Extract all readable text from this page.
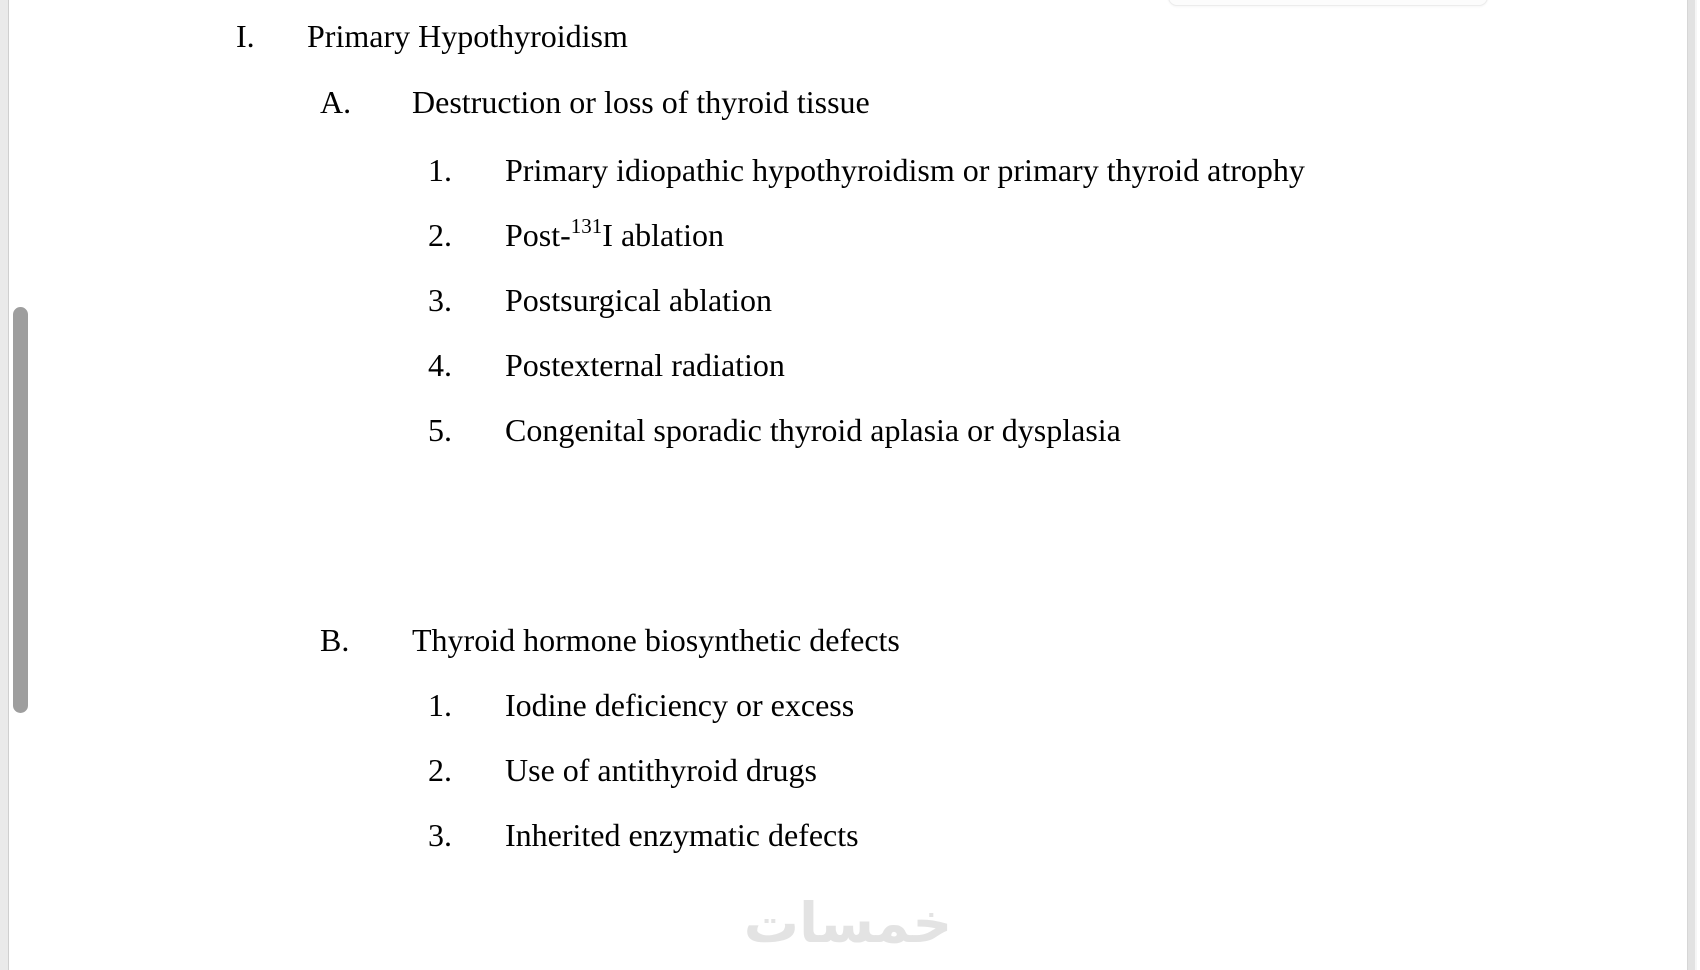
I. Primary Hypothyroidism
A. Destruction or loss of thyroid tissue
1. Primary idiopathic hypothyroidism or primary thyroid atrophy
2. Post-$^{131}$I ablation
3. Postsurgical ablation
4. Postexternal radiation
5. Congenital sporadic thyroid aplasia or dysplasia
B. Thyroid hormone biosynthetic defects
1. Iodine deficiency or excess
2. Use of antithyroid drugs
3. Inherited enzymatic defects
خمسات
